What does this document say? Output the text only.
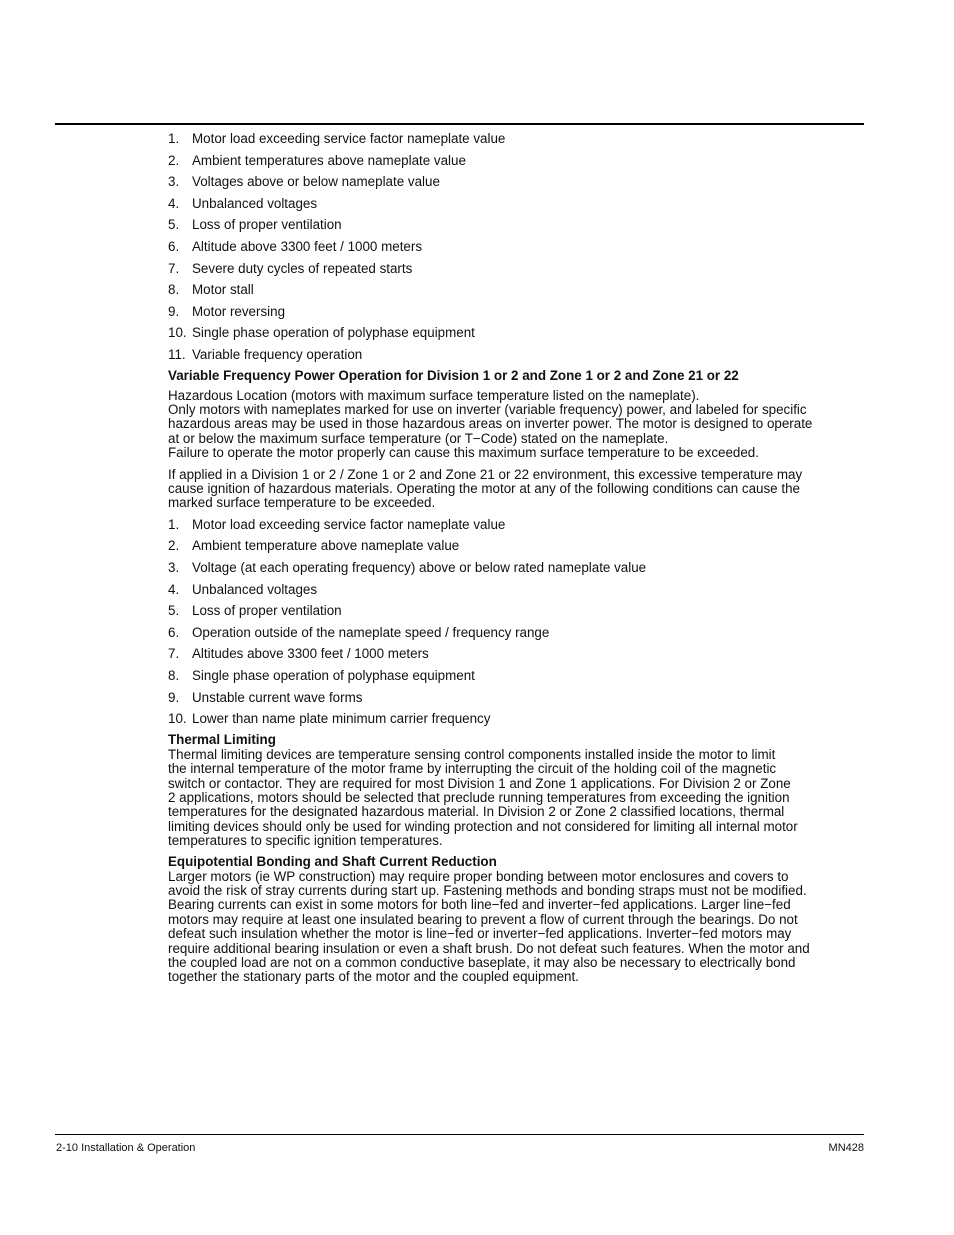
1. Motor load exceeding service factor nameplate value
2. Ambient temperatures above nameplate value
3. Voltages above or below nameplate value
4. Unbalanced voltages
5. Loss of proper ventilation
6. Altitude above 3300 feet / 1000 meters
7. Severe duty cycles of repeated starts
8. Motor stall
9. Motor reversing
10. Single phase operation of polyphase equipment
11. Variable frequency operation
Variable Frequency Power Operation for Division 1 or 2 and Zone 1 or 2 and Zone 21 or 22
Hazardous Location (motors with maximum surface temperature listed on the nameplate).
Only motors with nameplates marked for use on inverter (variable frequency) power, and labeled for specific
hazardous areas may be used in those hazardous areas on inverter power. The motor is designed to operate
at or below the maximum surface temperature (or T−Code) stated on the nameplate.
Failure to operate the motor properly can cause this maximum surface temperature to be exceeded.
If applied in a Division 1 or 2 / Zone 1 or 2 and Zone 21 or 22 environment, this excessive temperature may
cause ignition of hazardous materials. Operating the motor at any of the following conditions can cause the
marked surface temperature to be exceeded.
1. Motor load exceeding service factor nameplate value
2. Ambient temperature above nameplate value
3. Voltage (at each operating frequency) above or below rated nameplate value
4. Unbalanced voltages
5. Loss of proper ventilation
6. Operation outside of the nameplate speed / frequency range
7. Altitudes above 3300 feet / 1000 meters
8. Single phase operation of polyphase equipment
9. Unstable current wave forms
10. Lower than name plate minimum carrier frequency
Thermal Limiting
Thermal limiting devices are temperature sensing control components installed inside the motor to limit
the internal temperature of the motor frame by interrupting the circuit of the holding coil of the magnetic
switch or contactor. They are required for most Division 1 and Zone 1 applications. For Division 2 or Zone
2 applications, motors should be selected that preclude running temperatures from exceeding the ignition
temperatures for the designated hazardous material. In Division 2 or Zone 2 classified locations, thermal
limiting devices should only be used for winding protection and not considered for limiting all internal motor
temperatures to specific ignition temperatures.
Equipotential Bonding and Shaft Current Reduction
Larger motors (ie WP construction) may require proper bonding between motor enclosures and covers to
avoid the risk of stray currents during start up. Fastening methods and bonding straps must not be modified.
Bearing currents can exist in some motors for both line−fed and inverter−fed applications. Larger line−fed
motors may require at least one insulated bearing to prevent a flow of current through the bearings. Do not
defeat such insulation whether the motor is line−fed or inverter−fed applications. Inverter−fed motors may
require additional bearing insulation or even a shaft brush. Do not defeat such features. When the motor and
the coupled load are not on a common conductive baseplate, it may also be necessary to electrically bond
together the stationary parts of the motor and the coupled equipment.
2-10 Installation & Operation	MN428
